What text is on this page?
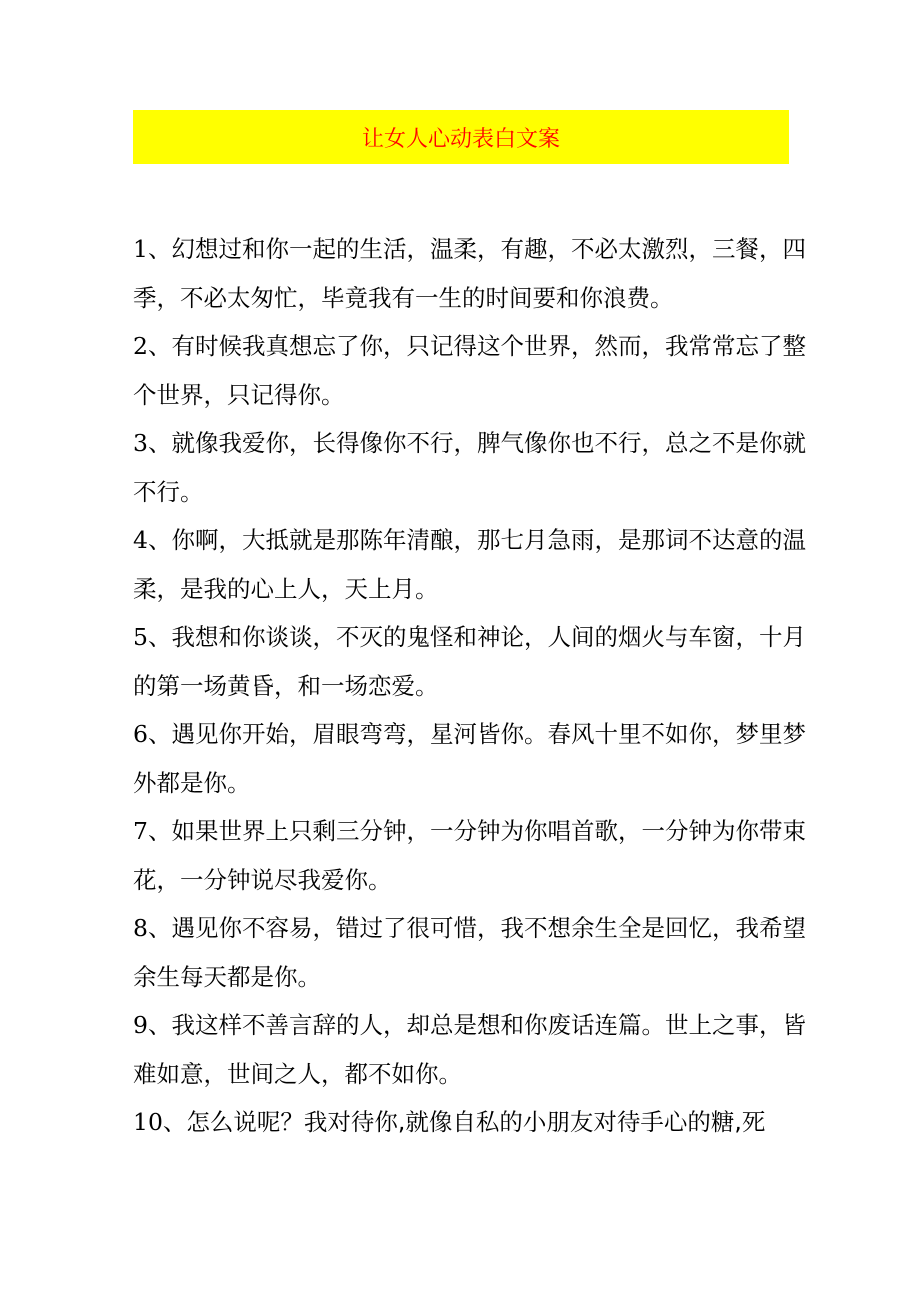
让女人心动表白文案

1、幻想过和你一起的生活，温柔，有趣，不必太激烈，三餐，四季，不必太匆忙，毕竟我有一生的时间要和你浪费。

2、有时候我真想忘了你，只记得这个世界，然而，我常常忘了整个世界，只记得你。

3、就像我爱你，长得像你不行，脾气像你也不行，总之不是你就不行。

4、你啊，大抵就是那陈年清酿，那七月急雨，是那词不达意的温柔，是我的心上人，天上月。

5、我想和你谈谈，不灭的鬼怪和神论，人间的烟火与车窗，十月的第一场黄昏，和一场恋爱。

6、遇见你开始，眉眼弯弯，星河皆你。春风十里不如你，梦里梦外都是你。

7、如果世界上只剩三分钟，一分钟为你唱首歌，一分钟为你带束花，一分钟说尽我爱你。

8、遇见你不容易，错过了很可惜，我不想余生全是回忆，我希望余生每天都是你。

9、我这样不善言辞的人，却总是想和你废话连篇。世上之事，皆难如意，世间之人，都不如你。

10、怎么说呢？我对待你,就像自私的小朋友对待手心的糖,死
